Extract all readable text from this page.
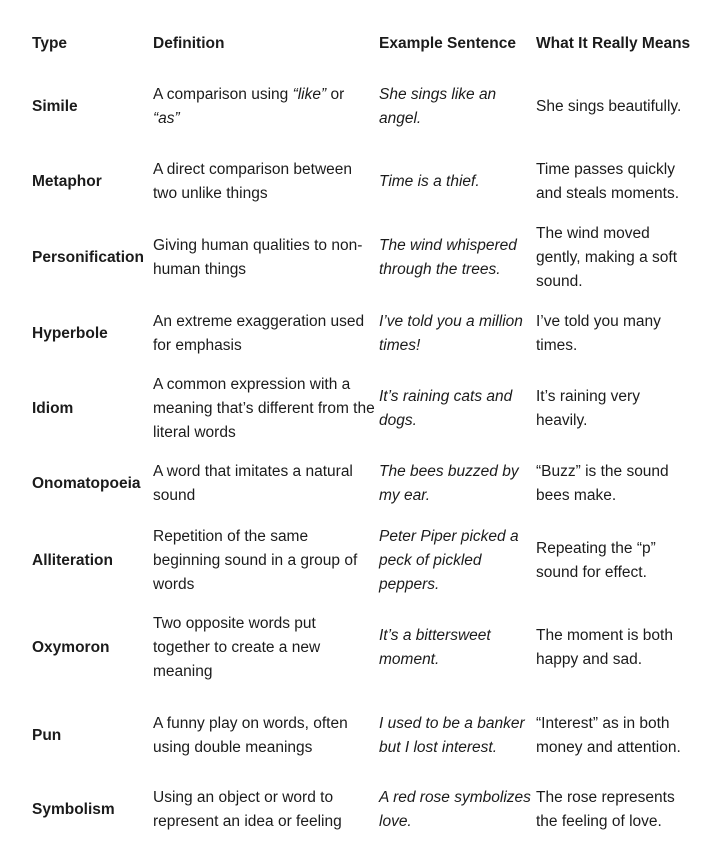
Type	Definition	Example Sentence	What It Really Means
Simile	A comparison using “like” or “as”	She sings like an angel.	She sings beautifully.
Metaphor	A direct comparison between two unlike things	Time is a thief.	Time passes quickly and steals moments.
Personification	Giving human qualities to non-human things	The wind whispered through the trees.	The wind moved gently, making a soft sound.
Hyperbole	An extreme exaggeration used for emphasis	I’ve told you a million times!	I’ve told you many times.
Idiom	A common expression with a meaning that’s different from the literal words	It’s raining cats and dogs.	It’s raining very heavily.
Onomatopoeia	A word that imitates a natural sound	The bees buzzed by my ear.	“Buzz” is the sound bees make.
Alliteration	Repetition of the same beginning sound in a group of words	Peter Piper picked a peck of pickled peppers.	Repeating the “p” sound for effect.
Oxymoron	Two opposite words put together to create a new meaning	It’s a bittersweet moment.	The moment is both happy and sad.
Pun	A funny play on words, often using double meanings	I used to be a banker but I lost interest.	“Interest” as in both money and attention.
Symbolism	Using an object or word to represent an idea or feeling	A red rose symbolizes love.	The rose represents the feeling of love.
